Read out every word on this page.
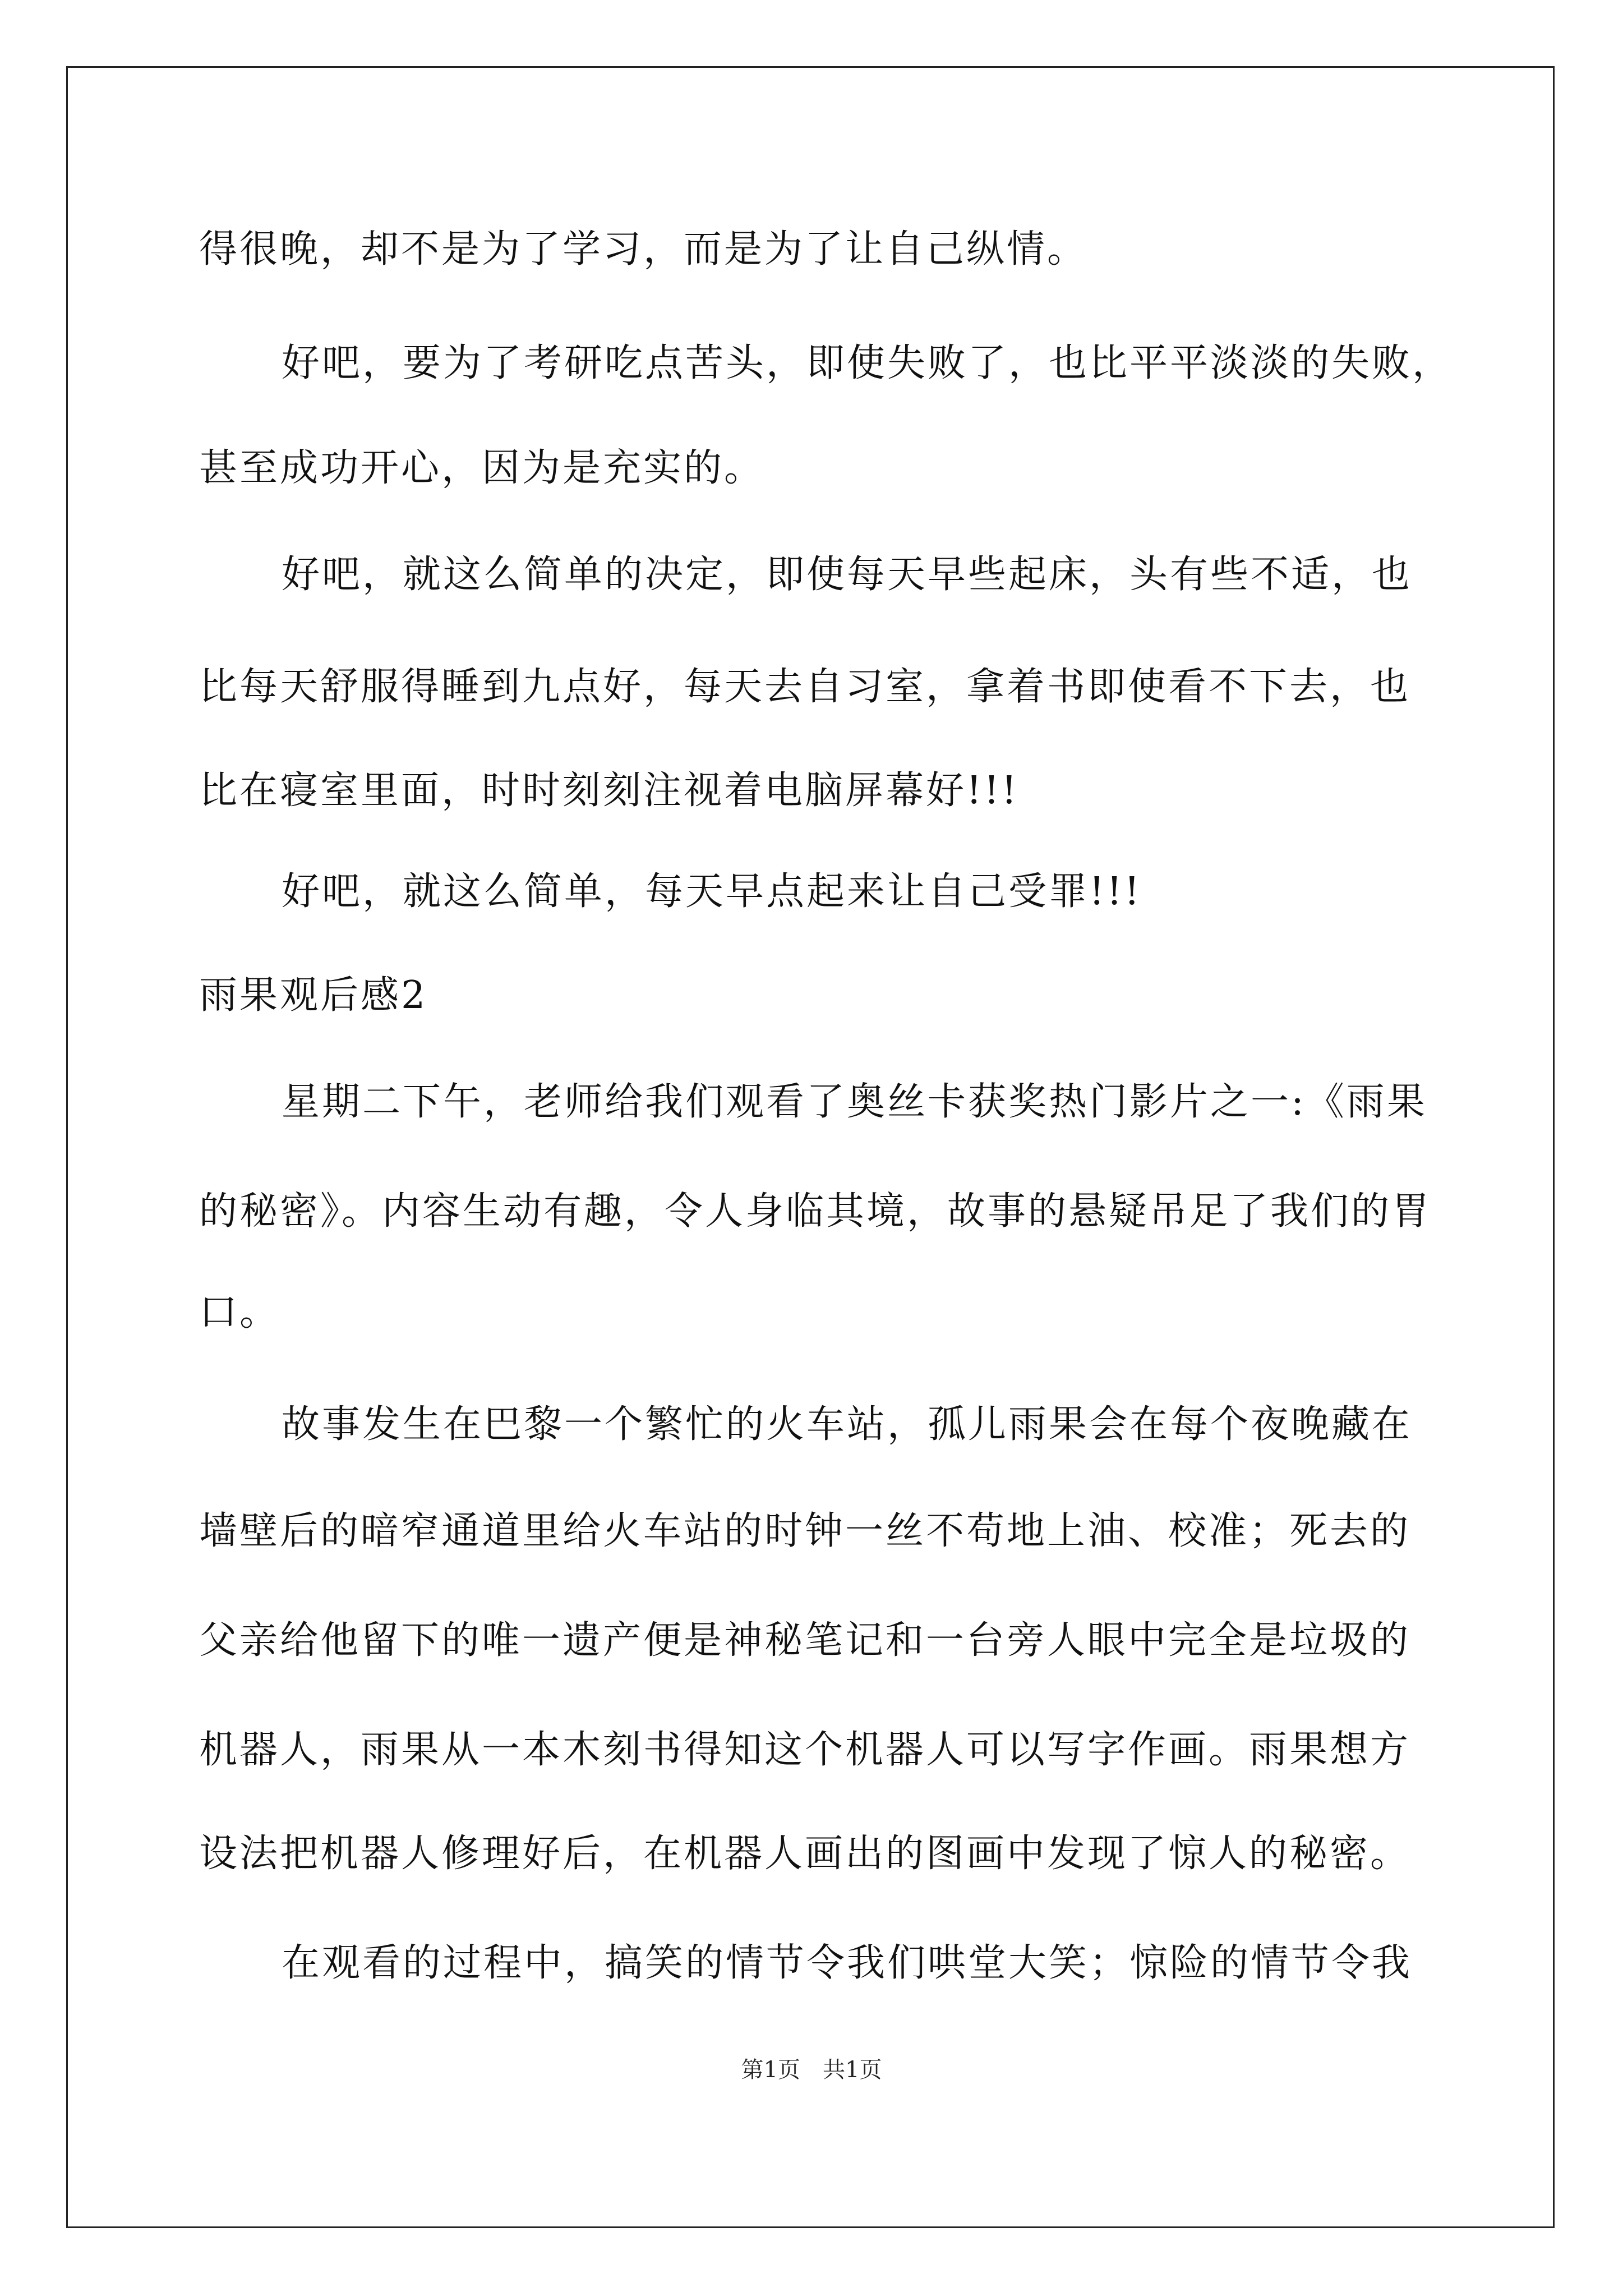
得很晚，却不是为了学习，而是为了让自己纵情。
好吧，要为了考研吃点苦头，即使失败了，也比平平淡淡的失败，
甚至成功开心，因为是充实的。
好吧，就这么简单的决定，即使每天早些起床，头有些不适，也
比每天舒服得睡到九点好，每天去自习室，拿着书即使看不下去，也
比在寝室里面，时时刻刻注视着电脑屏幕好!!!
好吧，就这么简单，每天早点起来让自己受罪!!!
雨果观后感2
星期二下午，老师给我们观看了奥丝卡获奖热门影片之一:《雨果
的秘密》。内容生动有趣，令人身临其境，故事的悬疑吊足了我们的胃
口。
故事发生在巴黎一个繁忙的火车站，孤儿雨果会在每个夜晚藏在
墙壁后的暗窄通道里给火车站的时钟一丝不苟地上油、校准；死去的
父亲给他留下的唯一遗产便是神秘笔记和一台旁人眼中完全是垃圾的
机器人，雨果从一本木刻书得知这个机器人可以写字作画。雨果想方
设法把机器人修理好后，在机器人画出的图画中发现了惊人的秘密。
在观看的过程中，搞笑的情节令我们哄堂大笑；惊险的情节令我
第1页　共1页
